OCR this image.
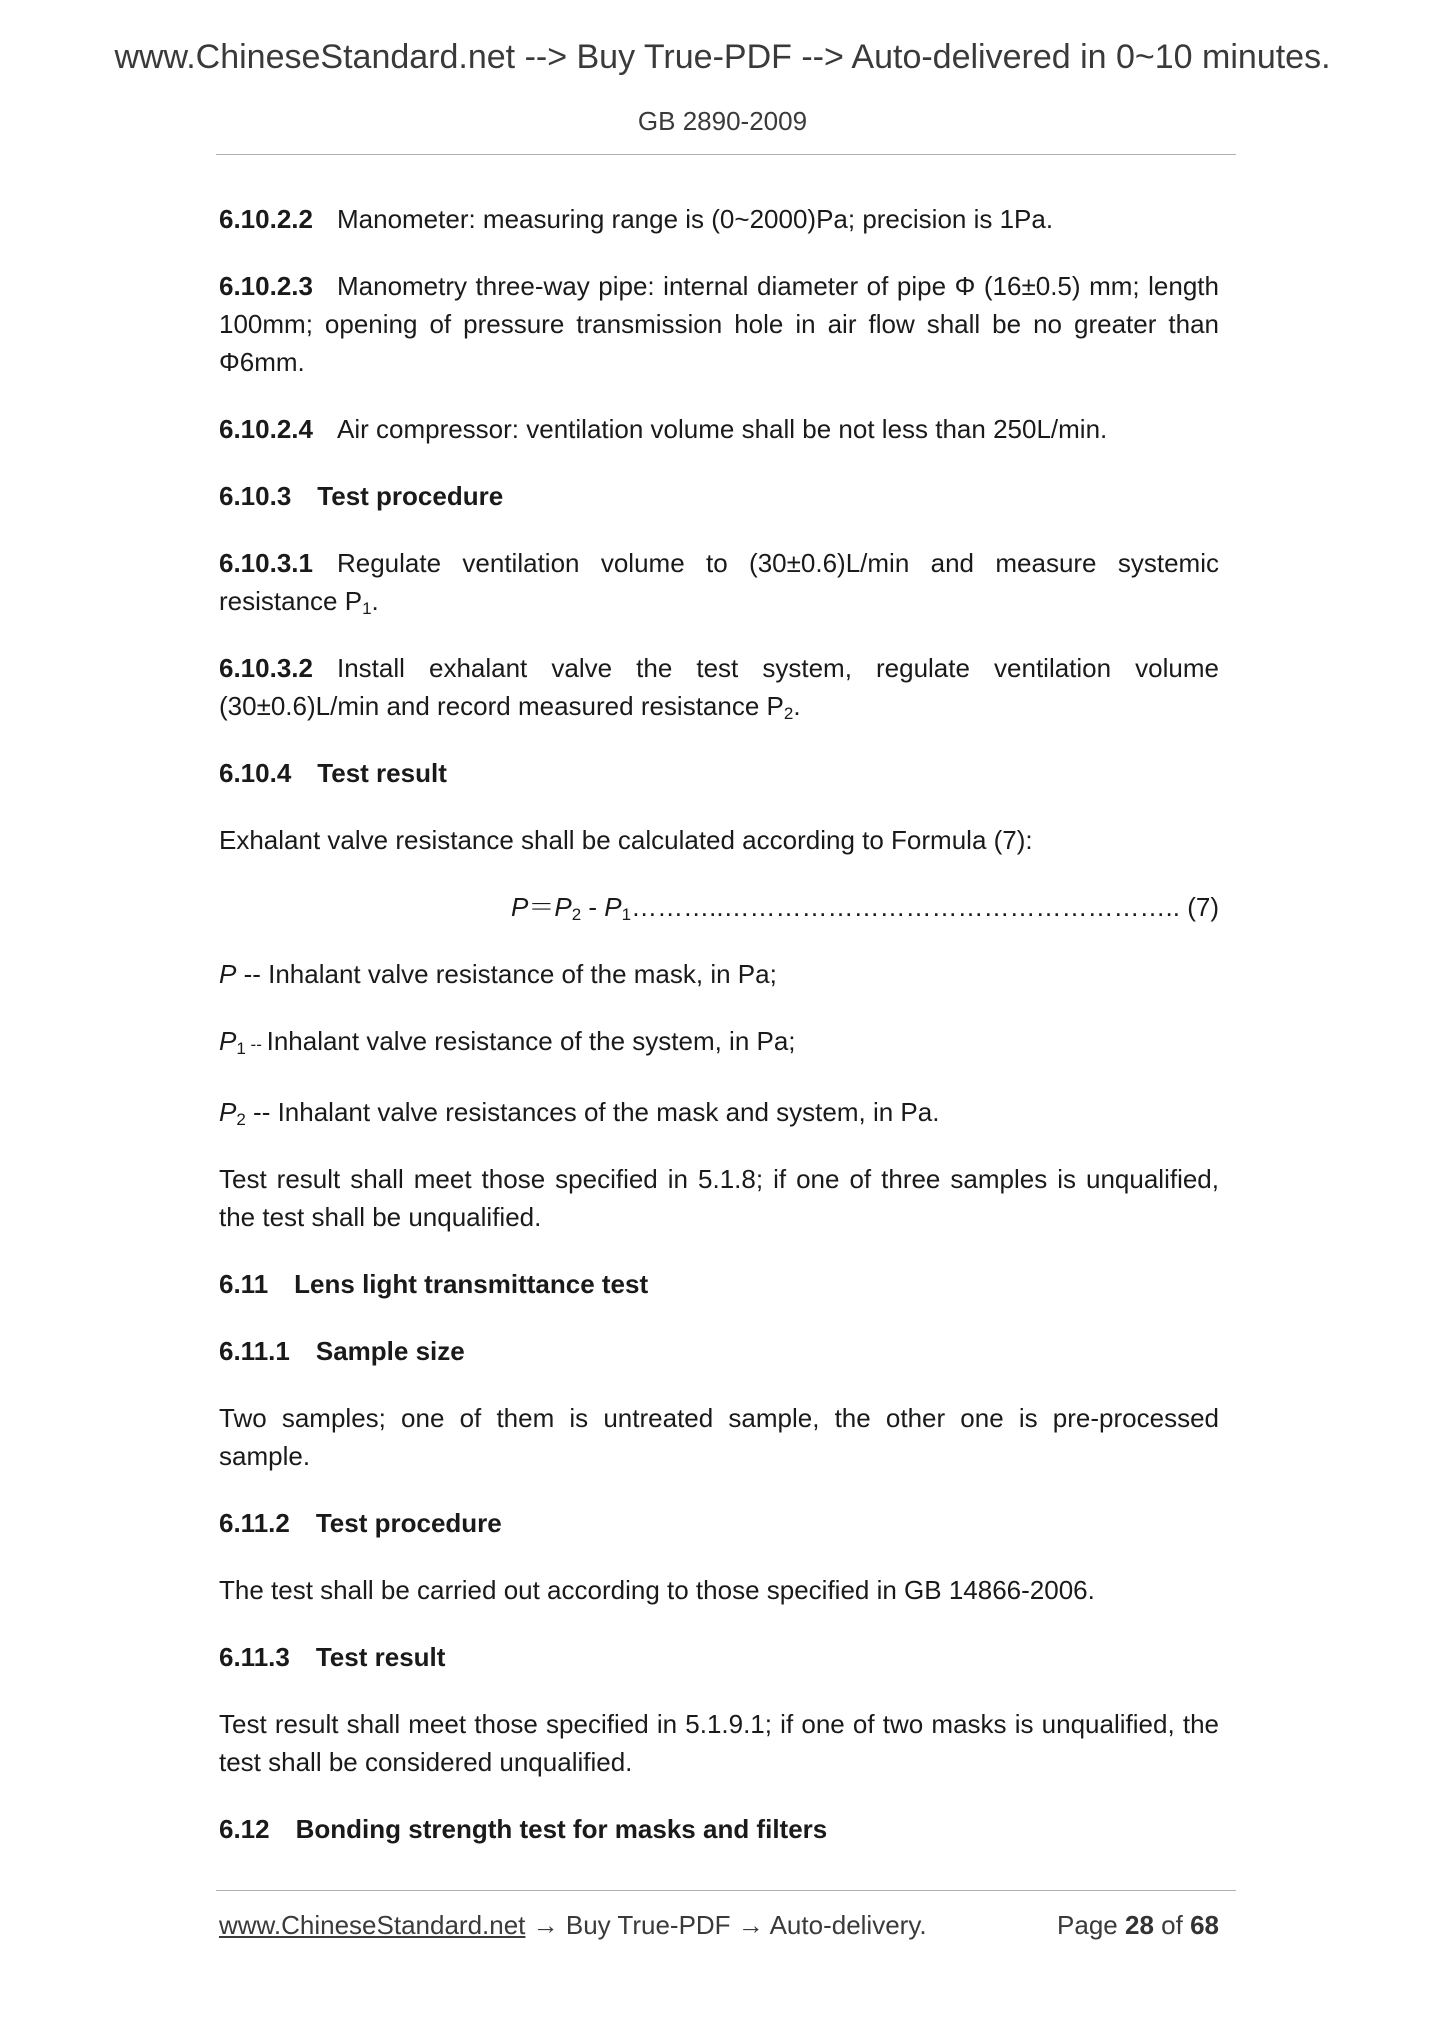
www.ChineseStandard.net --> Buy True-PDF --> Auto-delivered in 0~10 minutes.
GB 2890-2009

6.10.2.2 Manometer: measuring range is (0~2000)Pa; precision is 1Pa.

6.10.2.3 Manometry three-way pipe: internal diameter of pipe Φ (16±0.5) mm; length 100mm; opening of pressure transmission hole in air flow shall be no greater than Φ6mm.

6.10.2.4 Air compressor: ventilation volume shall be not less than 250L/min.

6.10.3 Test procedure

6.10.3.1 Regulate ventilation volume to (30±0.6)L/min and measure systemic resistance $P_1$.

6.10.3.2 Install exhalant valve the test system, regulate ventilation volume (30±0.6)L/min and record measured resistance $P_2$.

6.10.4 Test result

Exhalant valve resistance shall be calculated according to Formula (7):

$P=P_2$ - $P_1\dots\dots\dots..\dots\dots\dots\dots\dots\dots\dots\dots\dots\dots\dots\dots\dots\dots\dots\dots\dots$.. (7)

P -- Inhalant valve resistance of the mask, in Pa;

$P_1$ -- Inhalant valve resistance of the system, in Pa;

$P_2$ -- Inhalant valve resistances of the mask and system, in Pa.

Test result shall meet those specified in 5.1.8; if one of three samples is unqualified, the test shall be unqualified.

6.11 Lens light transmittance test

6.11.1 Sample size

Two samples; one of them is untreated sample, the other one is pre-processed sample.

6.11.2 Test procedure

The test shall be carried out according to those specified in GB 14866-2006.

6.11.3 Test result

Test result shall meet those specified in 5.1.9.1; if one of two masks is unqualified, the test shall be considered unqualified.

6.12 Bonding strength test for masks and filters

www.ChineseStandard.net → Buy True-PDF → Auto-delivery.	Page 28 of 68
